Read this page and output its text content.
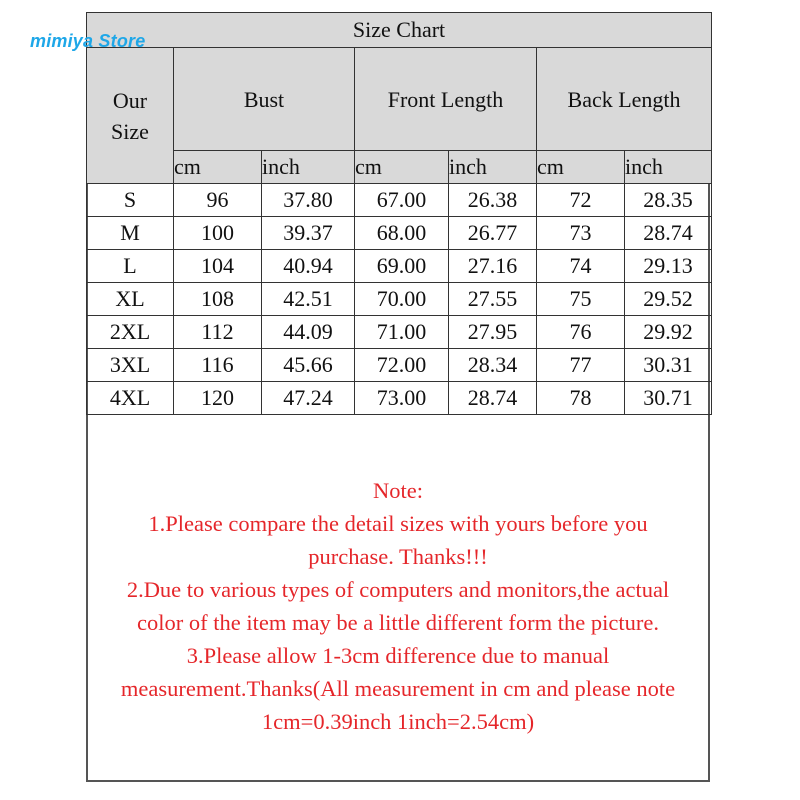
mimiya Store	Size Chart						
Our
Size	Bust		Front Length		Back Length	
	cm	inch	cm	inch	cm	inch
S	96	37.80	67.00	26.38	72	28.35
M	100	39.37	68.00	26.77	73	28.74
L	104	40.94	69.00	27.16	74	29.13
XL	108	42.51	70.00	27.55	75	29.52
2XL	112	44.09	71.00	27.95	76	29.92
3XL	116	45.66	72.00	28.34	77	30.31
4XL	120	47.24	73.00	28.74	78	30.71
Note:
1.Please compare the detail sizes with yours before you
purchase. Thanks!!!
2.Due to various types of computers and monitors,the actual
color of the item may be a little different form the picture.
3.Please allow 1-3cm difference due to manual
measurement.Thanks(All measurement in cm and please note
1cm=0.39inch 1inch=2.54cm)
